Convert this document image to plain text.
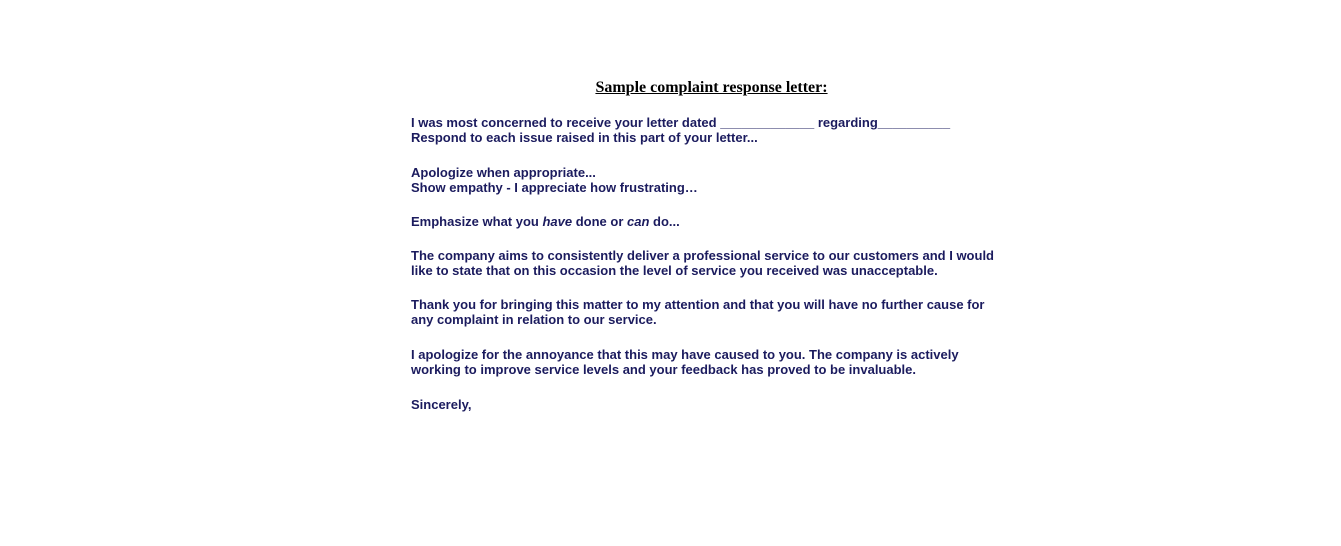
Sample complaint response letter:
I was most concerned to receive your letter dated _____________ regarding__________
Respond to each issue raised in this part of your letter...
Apologize when appropriate...
Show empathy - I appreciate how frustrating…
Emphasize what you have done or can do...
The company aims to consistently deliver a professional service to our customers and I would
like to state that on this occasion the level of service you received was unacceptable.
Thank you for bringing this matter to my attention and that you will have no further cause for
any complaint in relation to our service.
I apologize for the annoyance that this may have caused to you. The company is actively
working to improve service levels and your feedback has proved to be invaluable.
Sincerely,
